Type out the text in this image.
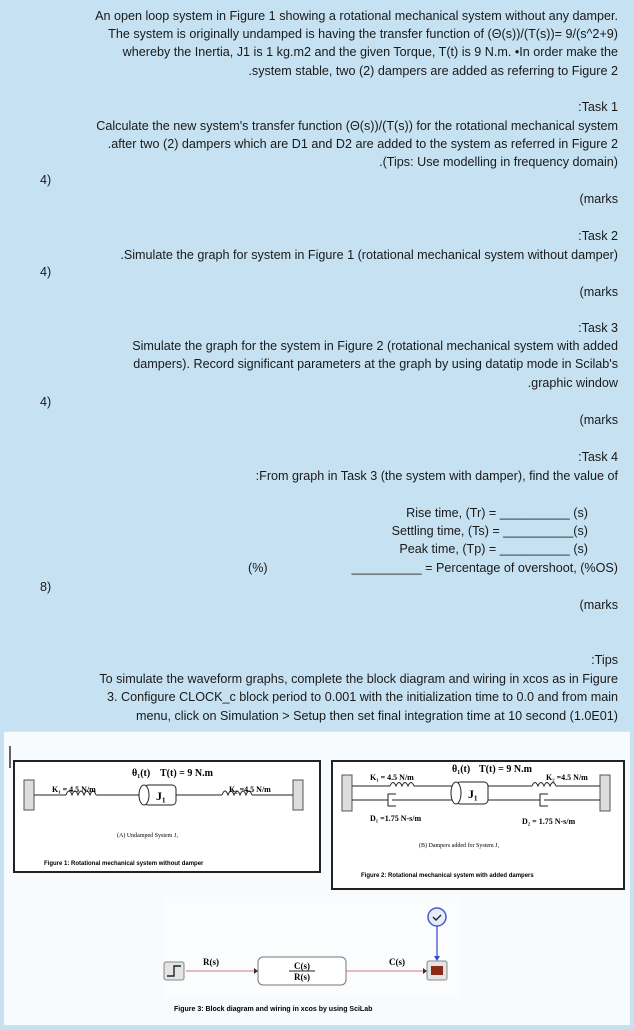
An open loop system in Figure 1 showing a rotational mechanical system without any damper.
The system is originally undamped is having the transfer function of (Θ(s))/(T(s))= 9/(s^2+9)
whereby the Inertia, J1 is 1 kg.m2 and the given Torque, T(t) is 9 N.m. •In order make the
.system stable, two (2) dampers are added as referring to Figure 2
:Task 1
Calculate the new system's transfer function (Θ(s))/(T(s)) for the rotational mechanical system
.after two (2) dampers which are D1 and D2 are added to the system as referred in Figure 2
.(Tips: Use modelling in frequency domain)
4)
(marks
:Task 2
.Simulate the graph for system in Figure 1 (rotational mechanical system without damper)
4)
(marks
:Task 3
Simulate the graph for the system in Figure 2 (rotational mechanical system with added
dampers). Record significant parameters at the graph by using datatip mode in Scilab's
.graphic window
4)
(marks
:Task 4
:From graph in Task 3 (the system with damper), find the value of
Rise time, (Tr) = __________ (s)
Settling time, (Ts) = __________(s)
Peak time, (Tp) = __________ (s)
(%)	__________ = Percentage of overshoot, (%OS)
8)
(marks
:Tips
To simulate the waveform graphs, complete the block diagram and wiring in xcos as in Figure
3. Configure CLOCK_c block period to 0.001 with the initialization time to 0.0 and from main
menu, click on Simulation > Setup then set final integration time at 10 second (1.0E01)
J₁
K₁ = 4.5 N/m	K₂ =4.5 N/m
θ₁(t) T(t) = 9 N.m
(A) Undamped System J₁
Figure 1: Rotational mechanical system without damper
J₁
K₁ = 4.5 N/m	K₂ =4.5 N/m
D₁ =1.75 N-s/m	D₂ = 1.75 N-s/m
θ₁(t) T(t) = 9 N.m
(B) Dampers added for System J₁
Figure 2: Rotational mechanical system with added dampers
R(s)	C(s)
R(s)
C(s)
Figure 3: Block diagram and wiring in xcos by using SciLab
